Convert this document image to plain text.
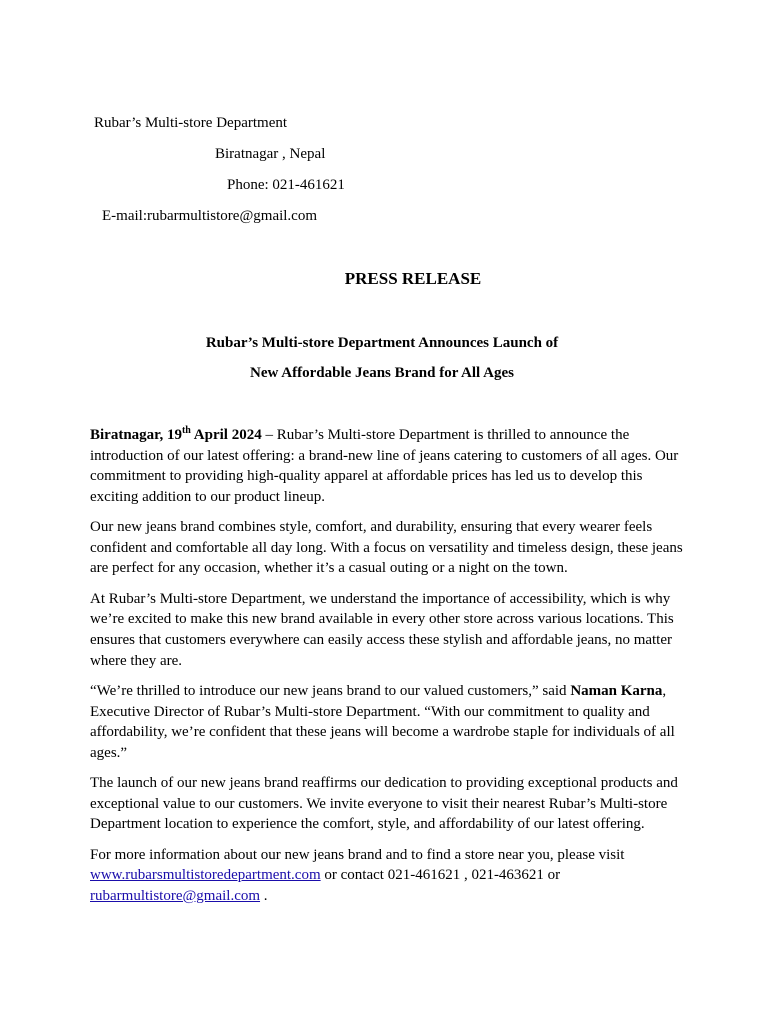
Rubar’s Multi-store Department
Biratnagar , Nepal
Phone: 021-461621
E-mail:rubarmultistore@gmail.com
PRESS RELEASE
Rubar’s Multi-store Department Announces Launch of
New Affordable Jeans Brand for All Ages

Biratnagar, 19th April 2024 – Rubar’s Multi-store Department is thrilled to announce the introduction of our latest offering: a brand-new line of jeans catering to customers of all ages. Our commitment to providing high-quality apparel at affordable prices has led us to develop this exciting addition to our product lineup.

Our new jeans brand combines style, comfort, and durability, ensuring that every wearer feels confident and comfortable all day long. With a focus on versatility and timeless design, these jeans are perfect for any occasion, whether it’s a casual outing or a night on the town.

At Rubar’s Multi-store Department, we understand the importance of accessibility, which is why we’re excited to make this new brand available in every other store across various locations. This ensures that customers everywhere can easily access these stylish and affordable jeans, no matter where they are.

“We’re thrilled to introduce our new jeans brand to our valued customers,” said Naman Karna, Executive Director of Rubar’s Multi-store Department. “With our commitment to quality and affordability, we’re confident that these jeans will become a wardrobe staple for individuals of all ages.”

The launch of our new jeans brand reaffirms our dedication to providing exceptional products and exceptional value to our customers. We invite everyone to visit their nearest Rubar’s Multi-store Department location to experience the comfort, style, and affordability of our latest offering.

For more information about our new jeans brand and to find a store near you, please visit www.rubarsmultistoredepartment.com or contact 021-461621 , 021-463621 or rubarmultistore@gmail.com .
